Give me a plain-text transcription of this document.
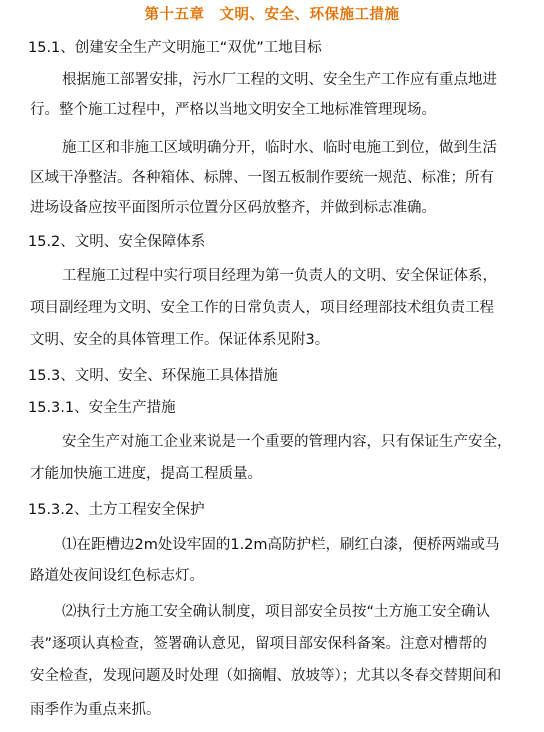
第十五章　文明、安全、环保施工措施
15.1、创建安全生产文明施工“双优”工地目标
根据施工部署安排，污水厂工程的文明、安全生产工作应有重点地进
行。整个施工过程中，严格以当地文明安全工地标准管理现场。
施工区和非施工区域明确分开，临时水、临时电施工到位，做到生活
区域干净整洁。各种箱体、标牌、一图五板制作要统一规范、标准；所有
进场设备应按平面图所示位置分区码放整齐，并做到标志准确。
15.2、文明、安全保障体系
工程施工过程中实行项目经理为第一负责人的文明、安全保证体系，
项目副经理为文明、安全工作的日常负责人，项目经理部技术组负责工程
文明、安全的具体管理工作。保证体系见附3。
15.3、文明、安全、环保施工具体措施
15.3.1、安全生产措施
安全生产对施工企业来说是一个重要的管理内容，只有保证生产安全，
才能加快施工进度，提高工程质量。
15.3.2、土方工程安全保护
⑴在距槽边2m处设牢固的1.2m高防护栏，刷红白漆，便桥两端或马
路道处夜间设红色标志灯。
⑵执行土方施工安全确认制度，项目部安全员按“土方施工安全确认
表”逐项认真检查，签署确认意见，留项目部安保科备案。注意对槽帮的
安全检查，发现问题及时处理（如摘帽、放坡等）；尤其以冬春交替期间和
雨季作为重点来抓。
